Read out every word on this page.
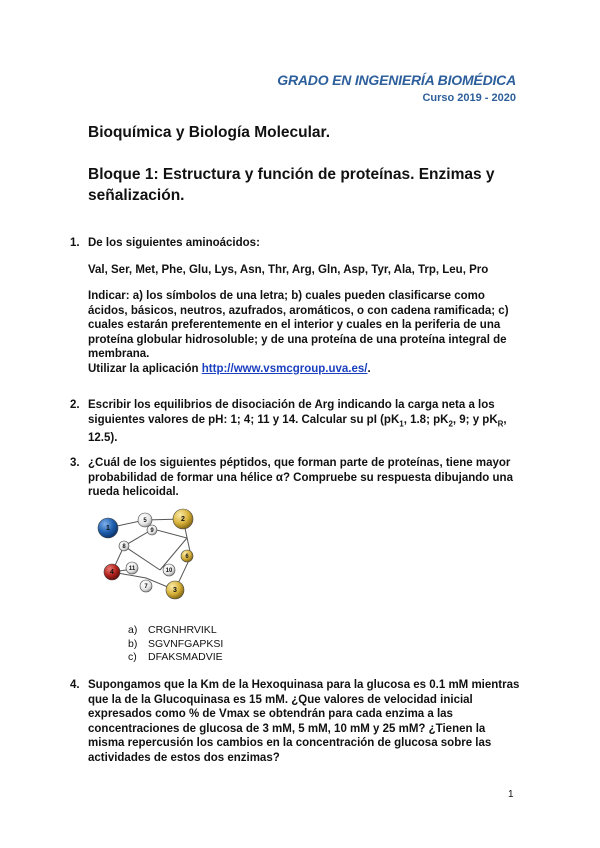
GRADO EN INGENIERÍA BIOMÉDICA
Curso 2019 - 2020
Bioquímica y Biología Molecular.
Bloque 1: Estructura y función de proteínas. Enzimas y señalización.
1. De los siguientes aminoácidos:

Val, Ser, Met, Phe, Glu, Lys, Asn, Thr, Arg, Gln, Asp, Tyr, Ala, Trp, Leu, Pro

Indicar: a) los símbolos de una letra; b) cuales pueden clasificarse como ácidos, básicos, neutros, azufrados, aromáticos, o con cadena ramificada; c) cuales estarán preferentemente en el interior y cuales en la periferia de una proteína globular hidrosoluble; y de una proteína de una proteína integral de membrana.

Utilizar la aplicación http://www.vsmcgroup.uva.es/.

2. Escribir los equilibrios de disociación de Arg indicando la carga neta a los siguientes valores de pH: 1; 4; 11 y 14. Calcular su pI ($pK_1$, 1.8; $pK_2$, 9; y $pK_R$, 12.5).

3. ¿Cuál de los siguientes péptidos, que forman parte de proteínas, tiene mayor probabilidad de formar una hélice α? Compruebe su respuesta dibujando una rueda helicoidal.

8
9
6
7
10
11
5
4
3
1
2
a) CRGNHRVIKL
b) SGVNFGAPKSI
c) DFAKSMADVIE
4. Supongamos que la Km de la Hexoquinasa para la glucosa es 0.1 mM mientras que la de la Glucoquinasa es 15 mM. ¿Que valores de velocidad inicial expresados como % de Vmax se obtendrán para cada enzima a las concentraciones de glucosa de 3 mM, 5 mM, 10 mM y 25 mM? ¿Tienen la misma repercusión los cambios en la concentración de glucosa sobre las actividades de estos dos enzimas?

1
